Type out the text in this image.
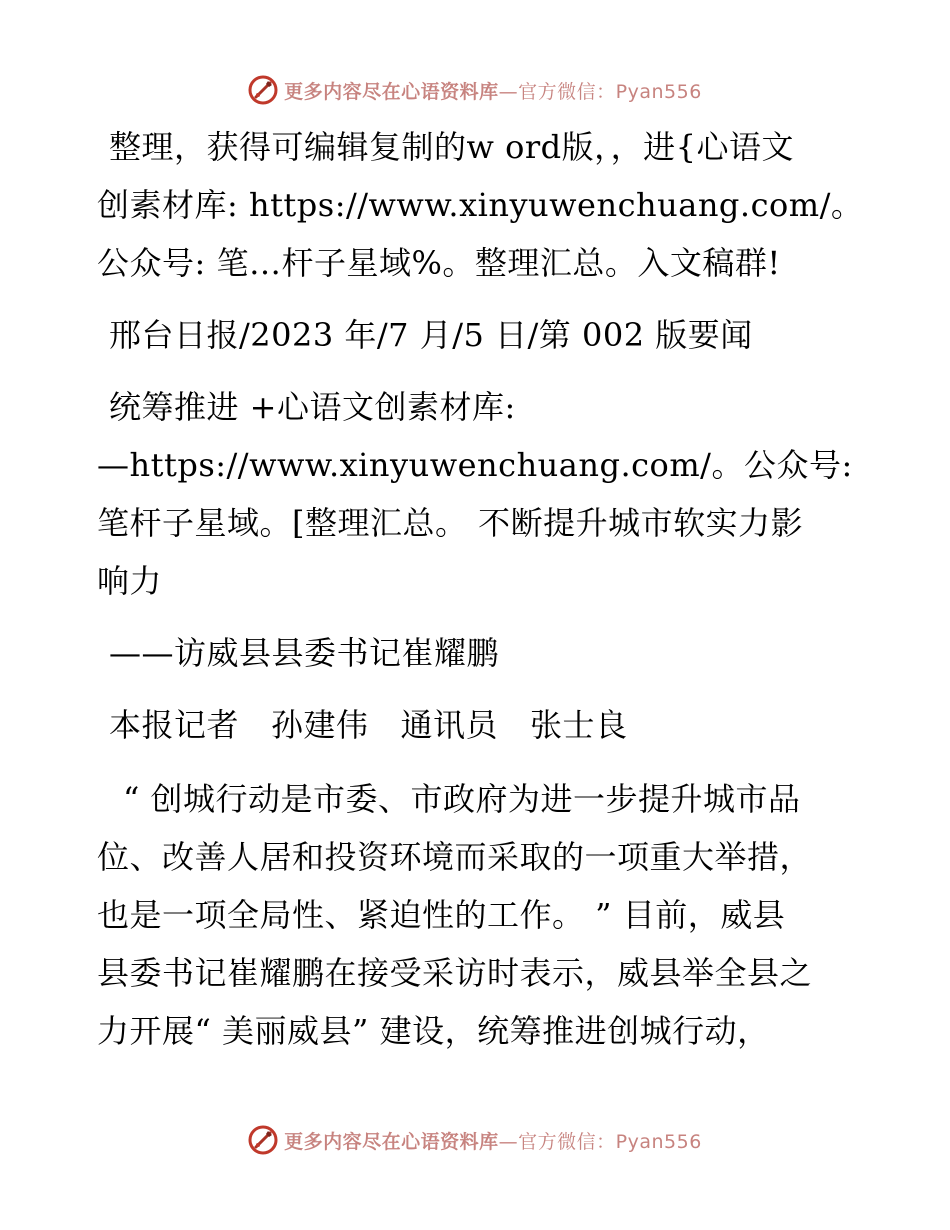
更多内容尽在心语资料库—官方微信：Pyan556

整理，获得可编辑复制的w ord版，，进{心语文

创素材库: https://www.xinyuwenchuang.com/。

公众号: 笔…杆子星域%。整理汇总。入文稿群!

邢台日报/2023 年/7 月/5 日/第 002 版要闻

统筹推进 +心语文创素材库:

—https://www.xinyuwenchuang.com/。公众号:

笔杆子星域。[整理汇总。 不断提升城市软实力影

响力

——访威县县委书记崔耀鹏

本报记者   孙建伟   通讯员   张士良

“ 创城行动是市委、市政府为进一步提升城市品

位、改善人居和投资环境而采取的一项重大举措，

也是一项全局性、紧迫性的工作。 ” 目前，威县

县委书记崔耀鹏在接受采访时表示，威县举全县之

力开展“ 美丽威县” 建设，统筹推进创城行动，

更多内容尽在心语资料库—官方微信：Pyan556
